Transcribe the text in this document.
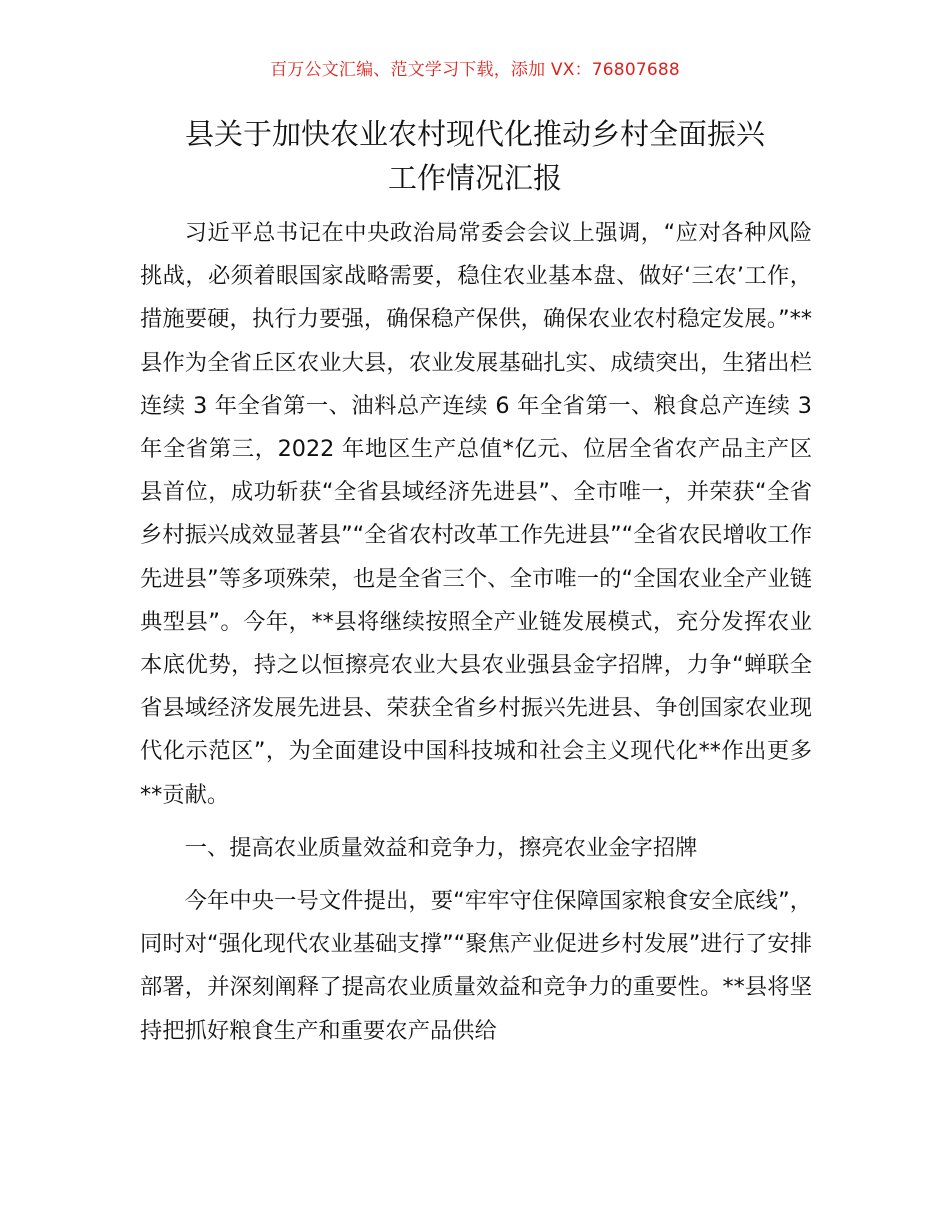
百万公文汇编、范文学习下载，添加 VX：76807688
县关于加快农业农村现代化推动乡村全面振兴
工作情况汇报

习近平总书记在中央政治局常委会会议上强调，“应对各种风险挑战，必须着眼国家战略需要，稳住农业基本盘、做好‘三农’工作，措施要硬，执行力要强，确保稳产保供，确保农业农村稳定发展。”**县作为全省丘区农业大县，农业发展基础扎实、成绩突出，生猪出栏连续 3 年全省第一、油料总产连续 6 年全省第一、粮食总产连续 3 年全省第三，2022 年地区生产总值*亿元、位居全省农产品主产区县首位，成功斩获“全省县域经济先进县”、全市唯一，并荣获“全省乡村振兴成效显著县”“全省农村改革工作先进县”“全省农民增收工作先进县”等多项殊荣，也是全省三个、全市唯一的“全国农业全产业链典型县”。今年，**县将继续按照全产业链发展模式，充分发挥农业本底优势，持之以恒擦亮农业大县农业强县金字招牌，力争“蝉联全省县域经济发展先进县、荣获全省乡村振兴先进县、争创国家农业现代化示范区”，为全面建设中国科技城和社会主义现代化**作出更多**贡献。

一、提高农业质量效益和竞争力，擦亮农业金字招牌

今年中央一号文件提出，要“牢牢守住保障国家粮食安全底线”，同时对“强化现代农业基础支撑”“聚焦产业促进乡村发展”进行了安排部署，并深刻阐释了提高农业质量效益和竞争力的重要性。**县将坚持把抓好粮食生产和重要农产品供给
